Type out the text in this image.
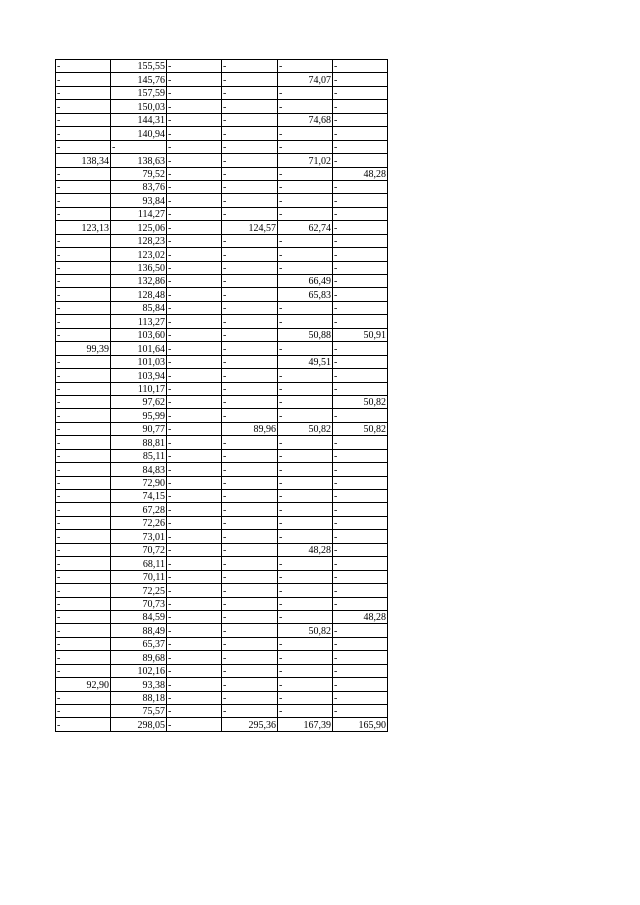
-	155,55	-	-	-	-
-	145,76	-	-	74,07	-
-	157,59	-	-	-	-
-	150,03	-	-	-	-
-	144,31	-	-	74,68	-
-	140,94	-	-	-	-
-	-	-	-	-	-
138,34	138,63	-	-	71,02	-
-	79,52	-	-	-	48,28
-	83,76	-	-	-	-
-	93,84	-	-	-	-
-	114,27	-	-	-	-
123,13	125,06	-	124,57	62,74	-
-	128,23	-	-	-	-
-	123,02	-	-	-	-
-	136,50	-	-	-	-
-	132,86	-	-	66,49	-
-	128,48	-	-	65,83	-
-	85,84	-	-	-	-
-	113,27	-	-	-	-
-	103,60	-	-	50,88	50,91
99,39	101,64	-	-	-	-
-	101,03	-	-	49,51	-
-	103,94	-	-	-	-
-	110,17	-	-	-	-
-	97,62	-	-	-	50,82
-	95,99	-	-	-	-
-	90,77	-	89,96	50,82	50,82
-	88,81	-	-	-	-
-	85,11	-	-	-	-
-	84,83	-	-	-	-
-	72,90	-	-	-	-
-	74,15	-	-	-	-
-	67,28	-	-	-	-
-	72,26	-	-	-	-
-	73,01	-	-	-	-
-	70,72	-	-	48,28	-
-	68,11	-	-	-	-
-	70,11	-	-	-	-
-	72,25	-	-	-	-
-	70,73	-	-	-	-
-	84,59	-	-	-	48,28
-	88,49	-	-	50,82	-
-	65,37	-	-	-	-
-	89,68	-	-	-	-
-	102,16	-	-	-	-
92,90	93,38	-	-	-	-
-	88,18	-	-	-	-
-	75,57	-	-	-	-
-	298,05	-	295,36	167,39	165,90
